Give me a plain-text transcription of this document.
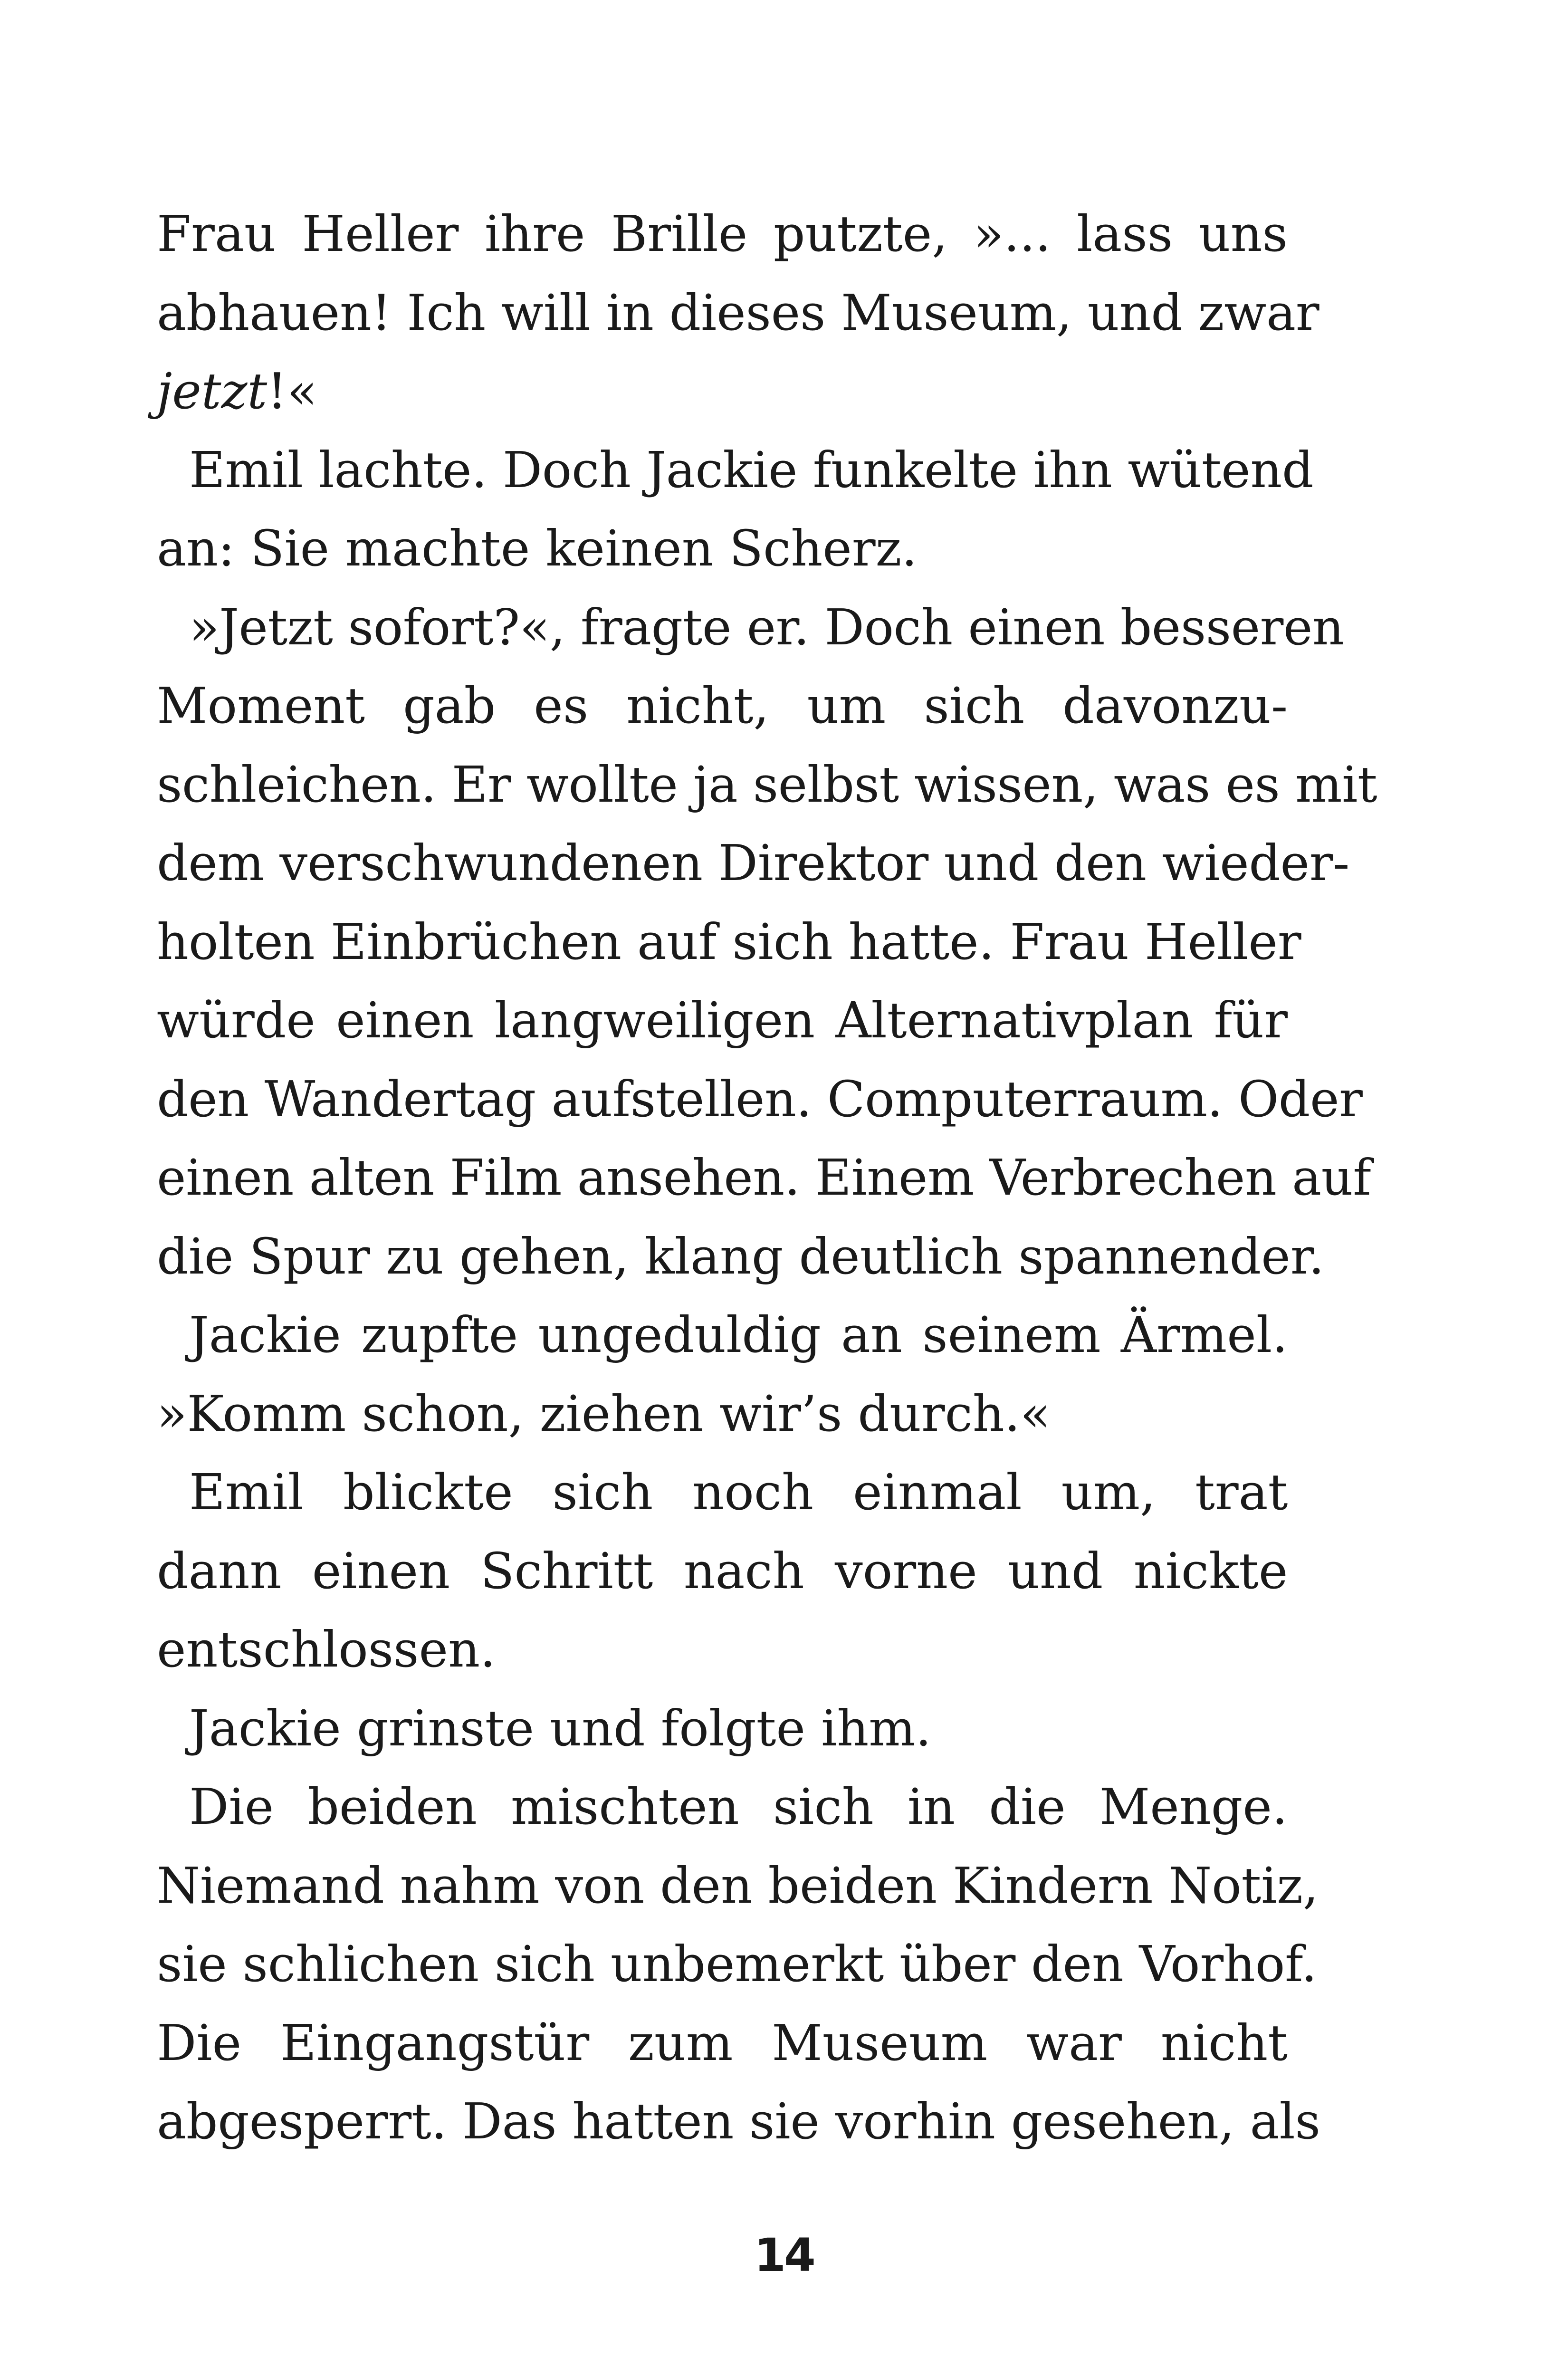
Frau Heller ihre Brille putzte, »... lass uns
abhauen! Ich will in dieses Museum, und zwar
jetzt!«

Emil lachte. Doch Jackie funkelte ihn wütend
an: Sie machte keinen Scherz.

»Jetzt sofort?«, fragte er. Doch einen besseren
Moment gab es nicht, um sich davonzu-
schleichen. Er wollte ja selbst wissen, was es mit
dem verschwundenen Direktor und den wieder-
holten Einbrüchen auf sich hatte. Frau Heller
würde einen langweiligen Alternativplan für
den Wandertag aufstellen. Computerraum. Oder
einen alten Film ansehen. Einem Verbrechen auf
die Spur zu gehen, klang deutlich spannender.

Jackie zupfte ungeduldig an seinem Ärmel.
»Komm schon, ziehen wir’s durch.«

Emil blickte sich noch einmal um, trat
dann einen Schritt nach vorne und nickte
entschlossen.

Jackie grinste und folgte ihm.

Die beiden mischten sich in die Menge.
Niemand nahm von den beiden Kindern Notiz,
sie schlichen sich unbemerkt über den Vorhof.
Die Eingangstür zum Museum war nicht
abgesperrt. Das hatten sie vorhin gesehen, als

14
